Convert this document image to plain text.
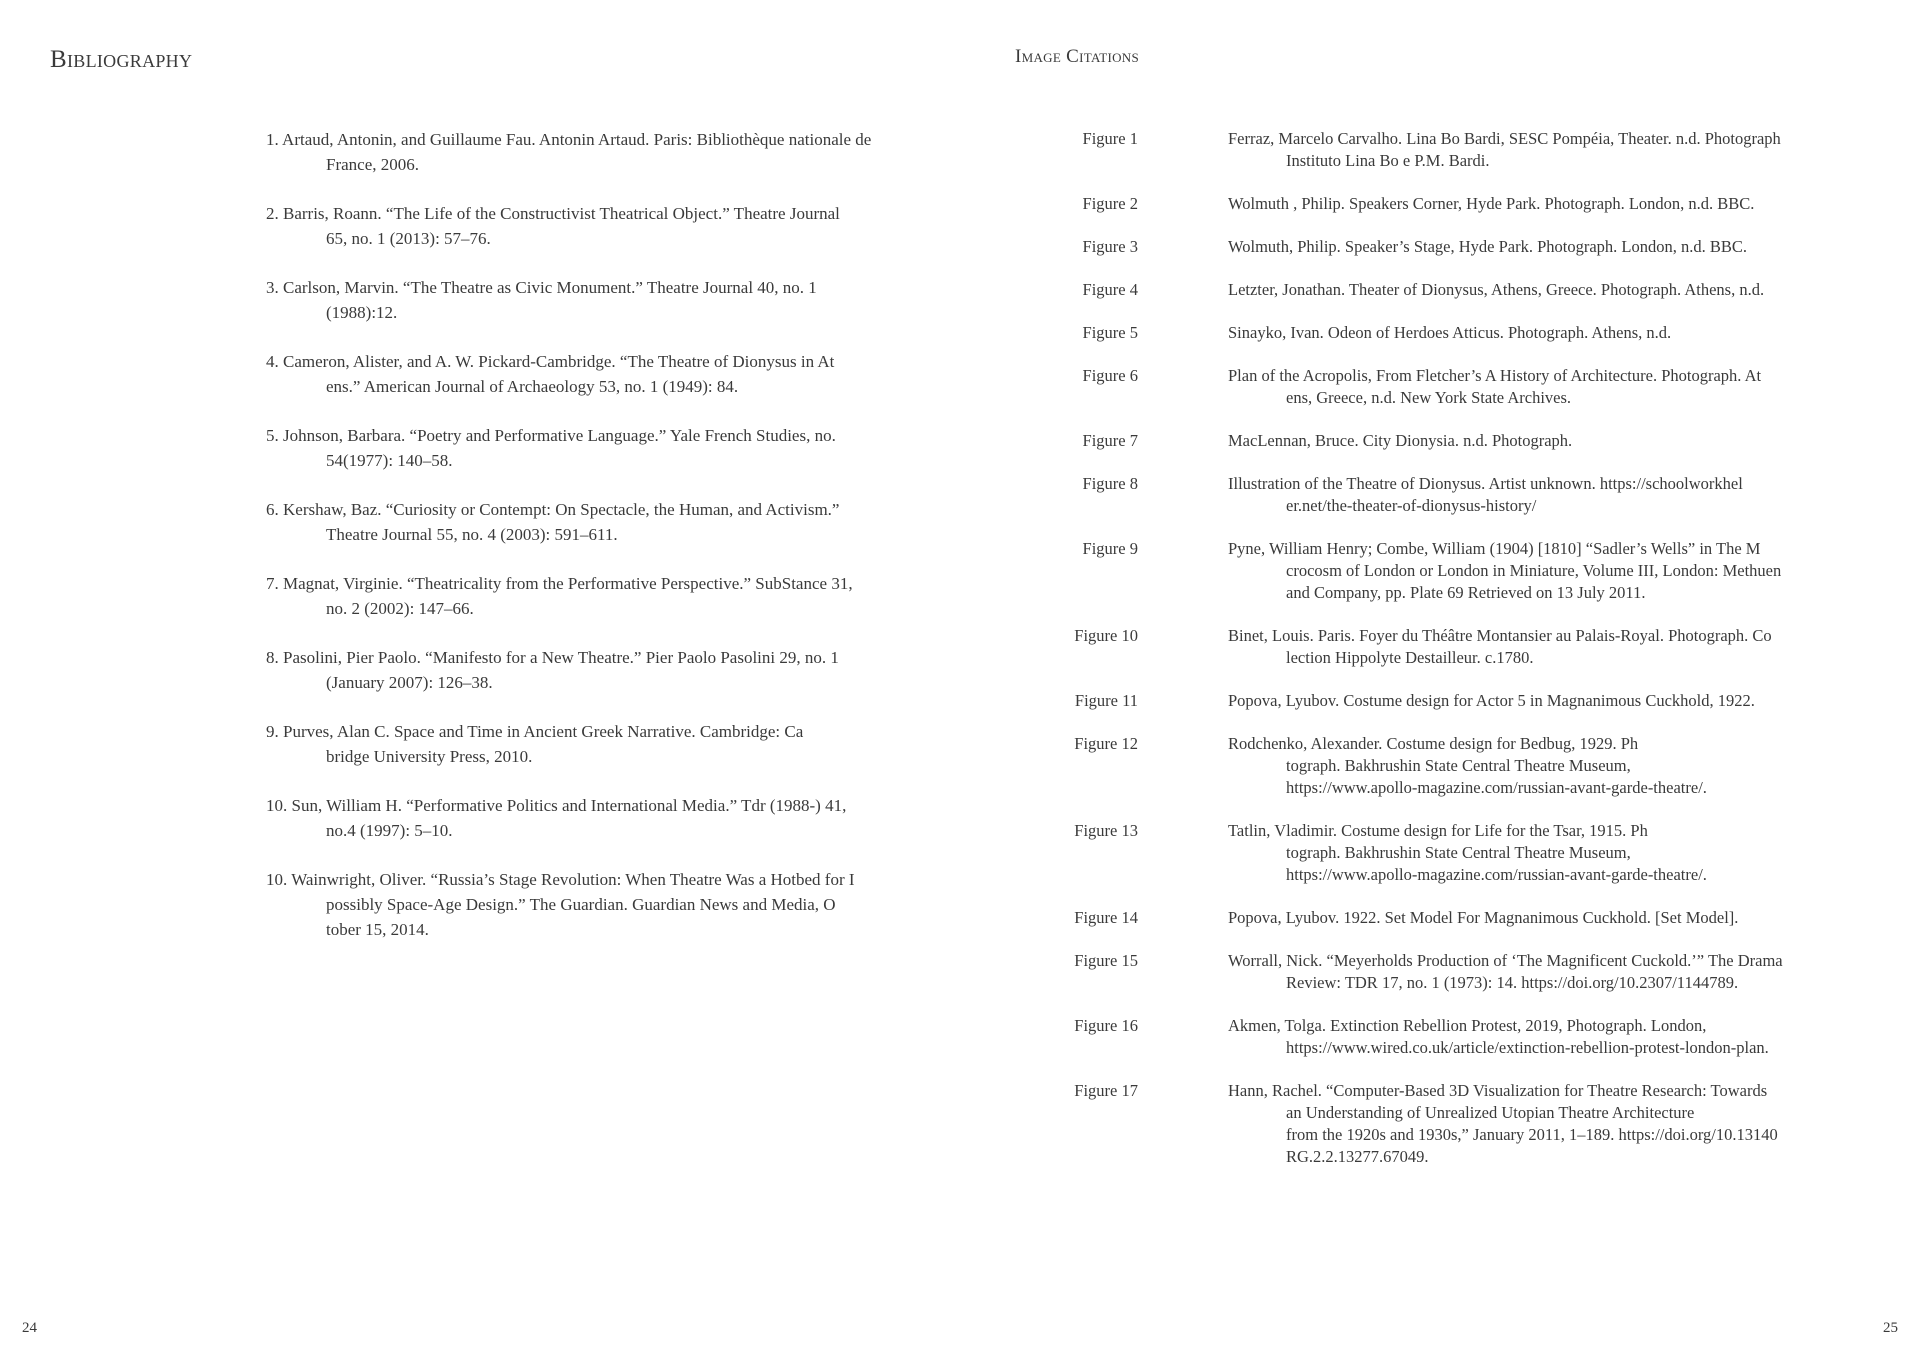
Bibliography
1. Artaud, Antonin, and Guillaume Fau. Antonin Artaud. Paris: Bibliothèque nationale de
France, 2006.
2. Barris, Roann. “The Life of the Constructivist Theatrical Object.” Theatre Journal
65, no. 1 (2013): 57–76.
3. Carlson, Marvin. “The Theatre as Civic Monument.” Theatre Journal 40, no. 1
(1988):12.
4. Cameron, Alister, and A. W. Pickard-Cambridge. “The Theatre of Dionysus in At
ens.” American Journal of Archaeology 53, no. 1 (1949): 84.
5. Johnson, Barbara. “Poetry and Performative Language.” Yale French Studies, no.
54(1977): 140–58.
6. Kershaw, Baz. “Curiosity or Contempt: On Spectacle, the Human, and Activism.”
Theatre Journal 55, no. 4 (2003): 591–611.
7. Magnat, Virginie. “Theatricality from the Performative Perspective.” SubStance 31,
no. 2 (2002): 147–66.
8. Pasolini, Pier Paolo. “Manifesto for a New Theatre.” Pier Paolo Pasolini 29, no. 1
(January 2007): 126–38.
9. Purves, Alan C. Space and Time in Ancient Greek Narrative. Cambridge: Ca
bridge University Press, 2010.
10. Sun, William H. “Performative Politics and International Media.” Tdr (1988-) 41,
no.4 (1997): 5–10.
10. Wainwright, Oliver. “Russia’s Stage Revolution: When Theatre Was a Hotbed for I
possibly Space-Age Design.” The Guardian. Guardian News and Media, O
tober 15, 2014.
24
Image Citations
Figure 1	Ferraz, Marcelo Carvalho. Lina Bo Bardi, SESC Pompéia, Theater. n.d. Photograph
Instituto Lina Bo e P.M. Bardi.
Figure 2	Wolmuth , Philip. Speakers Corner, Hyde Park. Photograph. London, n.d. BBC.
Figure 3	Wolmuth, Philip. Speaker’s Stage, Hyde Park. Photograph. London, n.d. BBC.
Figure 4	Letzter, Jonathan. Theater of Dionysus, Athens, Greece. Photograph. Athens, n.d.
Figure 5	Sinayko, Ivan. Odeon of Herdoes Atticus. Photograph. Athens, n.d.
Figure 6	Plan of the Acropolis, From Fletcher’s A History of Architecture. Photograph. At
ens, Greece, n.d. New York State Archives.
Figure 7	MacLennan, Bruce. City Dionysia. n.d. Photograph.
Figure 8	Illustration of the Theatre of Dionysus. Artist unknown. https://schoolworkhel
er.net/the-theater-of-dionysus-history/
Figure 9	Pyne, William Henry; Combe, William (1904) [1810] “Sadler’s Wells” in The M
crocosm of London or London in Miniature, Volume III, London: Methuen
and Company, pp. Plate 69 Retrieved on 13 July 2011.
Figure 10	Binet, Louis. Paris. Foyer du Théâtre Montansier au Palais-Royal. Photograph. Co
lection Hippolyte Destailleur. c.1780.
Figure 11	Popova, Lyubov. Costume design for Actor 5 in Magnanimous Cuckhold, 1922.
Figure 12	Rodchenko, Alexander. Costume design for Bedbug, 1929. Ph
tograph. Bakhrushin State Central Theatre Museum,
https://www.apollo-magazine.com/russian-avant-garde-theatre/.
Figure 13	Tatlin, Vladimir. Costume design for Life for the Tsar, 1915. Ph
tograph. Bakhrushin State Central Theatre Museum,
https://www.apollo-magazine.com/russian-avant-garde-theatre/.
Figure 14	Popova, Lyubov. 1922. Set Model For Magnanimous Cuckhold. [Set Model].
Figure 15	Worrall, Nick. “Meyerholds Production of ‘The Magnificent Cuckold.’” The Drama
Review: TDR 17, no. 1 (1973): 14. https://doi.org/10.2307/1144789.
Figure 16	Akmen, Tolga. Extinction Rebellion Protest, 2019, Photograph. London,
https://www.wired.co.uk/article/extinction-rebellion-protest-london-plan.
Figure 17	Hann, Rachel. “Computer-Based 3D Visualization for Theatre Research: Towards
an Understanding of Unrealized Utopian Theatre Architecture
from the 1920s and 1930s,” January 2011, 1–189. https://doi.org/10.13140
RG.2.2.13277.67049.
25
